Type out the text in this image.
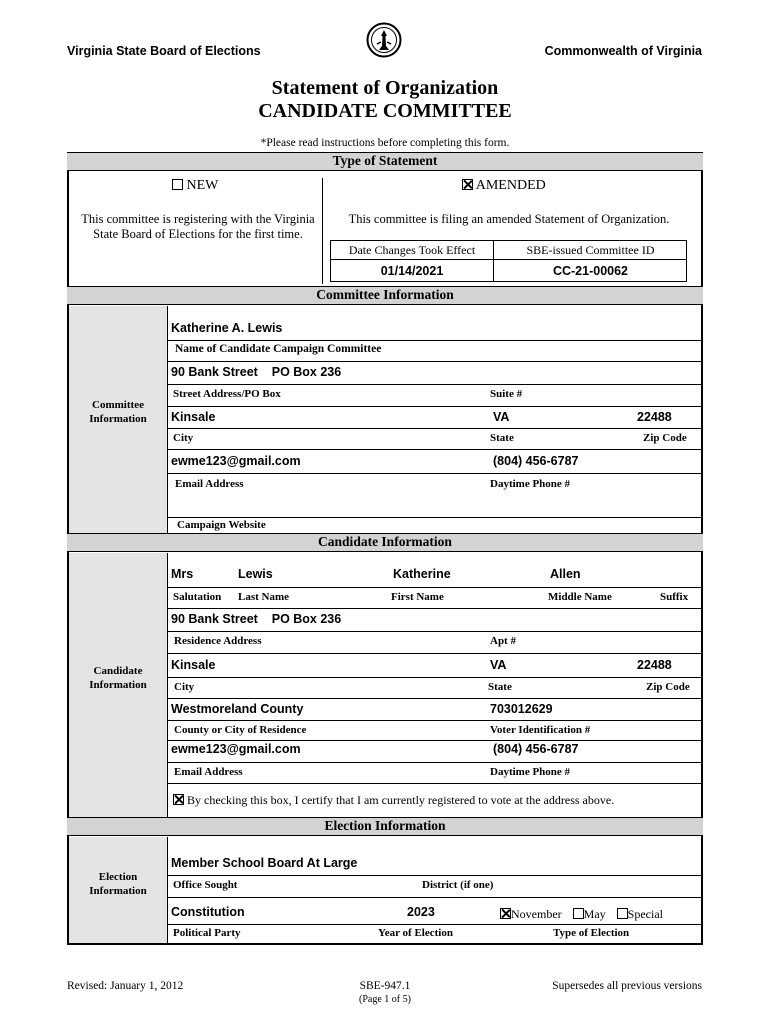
Virginia State Board of Elections	Commonwealth of Virginia
Statement of Organization
CANDIDATE COMMITTEE
*Please read instructions before completing this form.
Type of Statement
NEW
This committee is registering with the Virginia State Board of Elections for the first time.
AMENDED
This committee is filing an amended Statement of Organization.
Date Changes Took Effect	SBE-issued Committee ID
01/14/2021	CC-21-00062
Committee Information
Committee Information
Katherine A. Lewis
Name of Candidate Campaign Committee
90 Bank Street    PO Box 236
Street Address/PO Box	Suite #
Kinsale	VA	22488
City	State	Zip Code
ewme123@gmail.com	(804) 456-6787
Email Address	Daytime Phone #
Campaign Website
Candidate Information
Candidate Information
Mrs	Lewis	Katherine	Allen
Salutation Last Name	First Name	Middle Name	Suffix
90 Bank Street    PO Box 236
Residence Address	Apt #
Kinsale	VA	22488
City	State	Zip Code
Westmoreland County	703012629
County or City of Residence	Voter Identification #
ewme123@gmail.com	(804) 456-6787
Email Address	Daytime Phone #
By checking this box, I certify that I am currently registered to vote at the address above.
Election Information
Election Information
Member School Board At Large
Office Sought	District (if one)
Constitution	2023	November May Special
Political Party	Year of Election	Type of Election
Revised: January 1, 2012	SBE-947.1
(Page 1 of 5)
Supersedes all previous versions
